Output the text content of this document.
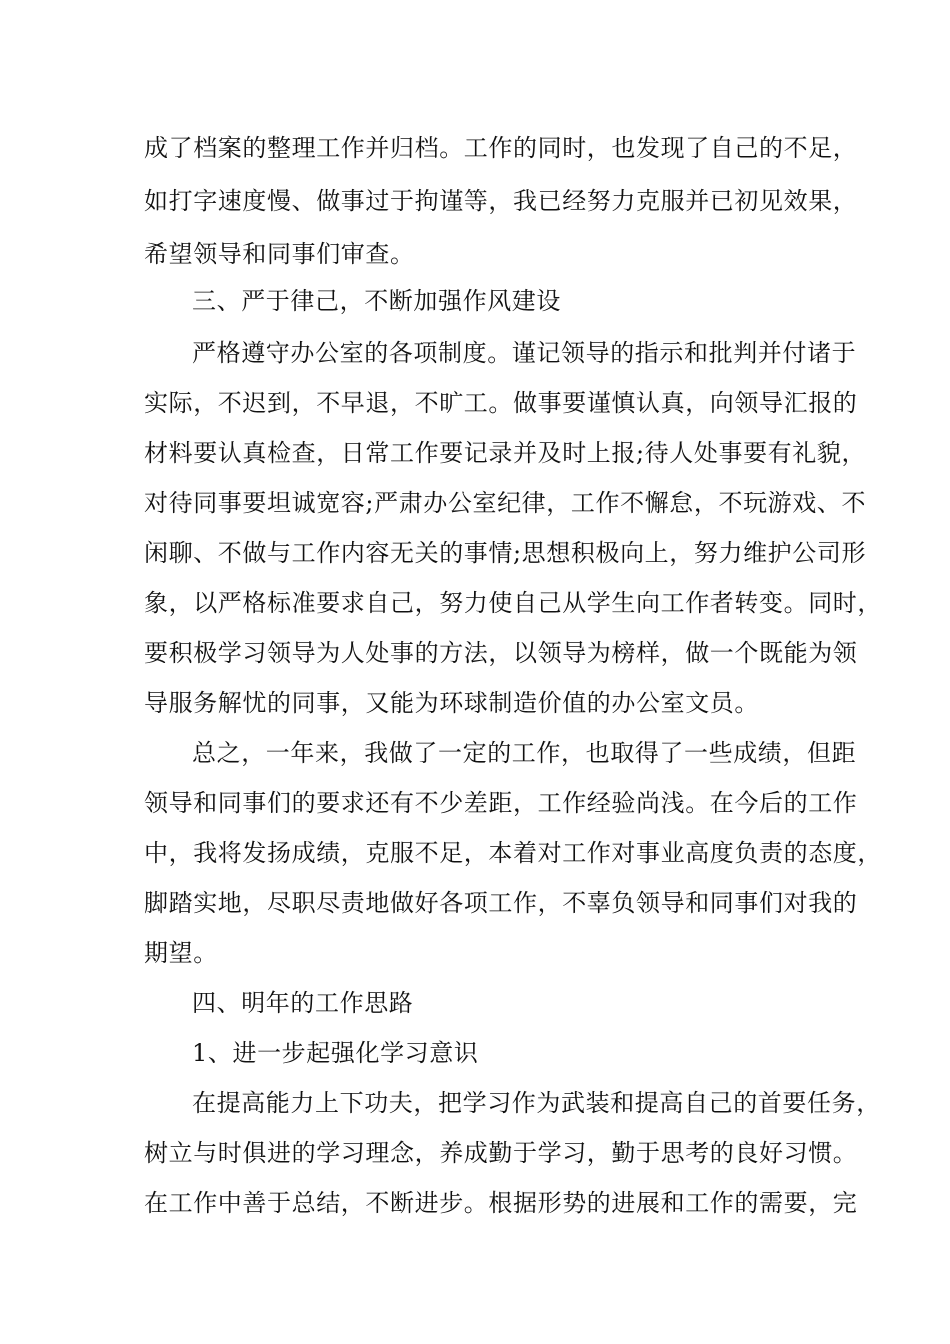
成了档案的整理工作并归档。工作的同时，也发现了自己的不足，
如打字速度慢、做事过于拘谨等，我已经努力克服并已初见效果，
希望领导和同事们审查。
三、严于律己，不断加强作风建设
严格遵守办公室的各项制度。谨记领导的指示和批判并付诸于
实际，不迟到，不早退，不旷工。做事要谨慎认真，向领导汇报的
材料要认真检查，日常工作要记录并及时上报;待人处事要有礼貌，
对待同事要坦诚宽容;严肃办公室纪律，工作不懈怠，不玩游戏、不
闲聊、不做与工作内容无关的事情;思想积极向上，努力维护公司形
象，以严格标准要求自己，努力使自己从学生向工作者转变。同时，
要积极学习领导为人处事的方法，以领导为榜样，做一个既能为领
导服务解忧的同事，又能为环球制造价值的办公室文员。
总之，一年来，我做了一定的工作，也取得了一些成绩，但距
领导和同事们的要求还有不少差距，工作经验尚浅。在今后的工作
中，我将发扬成绩，克服不足，本着对工作对事业高度负责的态度，
脚踏实地，尽职尽责地做好各项工作，不辜负领导和同事们对我的
期望。
四、明年的工作思路
1、进一步起强化学习意识
在提高能力上下功夫，把学习作为武装和提高自己的首要任务，
树立与时俱进的学习理念，养成勤于学习，勤于思考的良好习惯。
在工作中善于总结，不断进步。根据形势的进展和工作的需要，完
